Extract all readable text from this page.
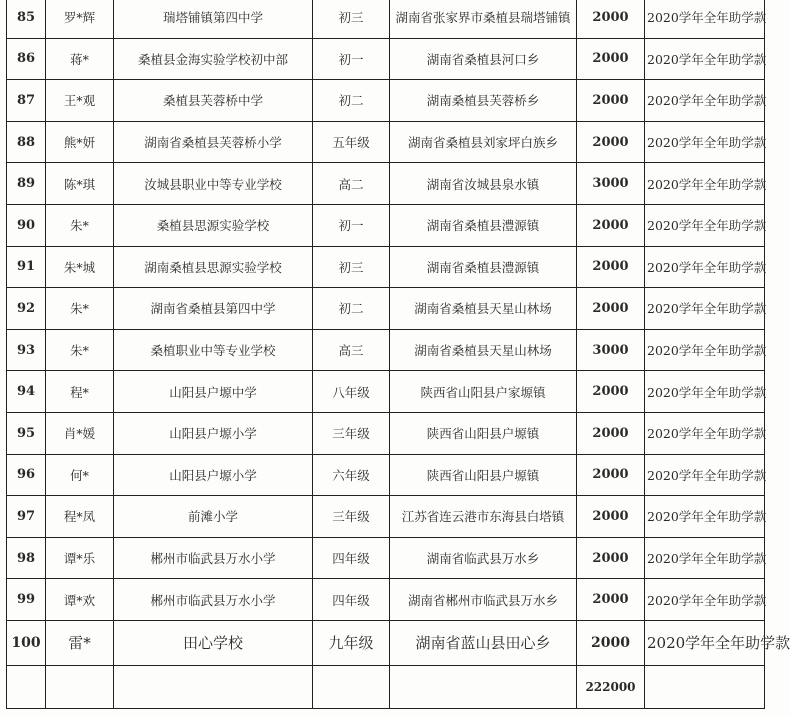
85	罗*辉	瑞塔铺镇第四中学	初三	湖南省张家界市桑植县瑞塔铺镇	2000	2020学年全年助学款
86	蒋*	桑植县金海实验学校初中部	初一	湖南省桑植县河口乡	2000	2020学年全年助学款
87	王*观	桑植县芙蓉桥中学	初二	湖南桑植县芙蓉桥乡	2000	2020学年全年助学款
88	熊*妍	湖南省桑植县芙蓉桥小学	五年级	湖南省桑植县刘家坪白族乡	2000	2020学年全年助学款
89	陈*琪	汝城县职业中等专业学校	高二	湖南省汝城县泉水镇	3000	2020学年全年助学款
90	朱*	桑植县思源实验学校	初一	湖南省桑植县澧源镇	2000	2020学年全年助学款
91	朱*城	湖南桑植县思源实验学校	初三	湖南省桑植县澧源镇	2000	2020学年全年助学款
92	朱*	湖南省桑植县第四中学	初二	湖南省桑植县天星山林场	2000	2020学年全年助学款
93	朱*	桑植职业中等专业学校	高三	湖南省桑植县天星山林场	3000	2020学年全年助学款
94	程*	山阳县户塬中学	八年级	陕西省山阳县户家塬镇	2000	2020学年全年助学款
95	肖*媛	山阳县户塬小学	三年级	陕西省山阳县户塬镇	2000	2020学年全年助学款
96	何*	山阳县户塬小学	六年级	陕西省山阳县户塬镇	2000	2020学年全年助学款
97	程*凤	前滩小学	三年级	江苏省连云港市东海县白塔镇	2000	2020学年全年助学款
98	谭*乐	郴州市临武县万水小学	四年级	湖南省临武县万水乡	2000	2020学年全年助学款
99	谭*欢	郴州市临武县万水小学	四年级	湖南省郴州市临武县万水乡	2000	2020学年全年助学款
100	雷*	田心学校	九年级	湖南省蓝山县田心乡	2000	2020学年全年助学款
					222000	
